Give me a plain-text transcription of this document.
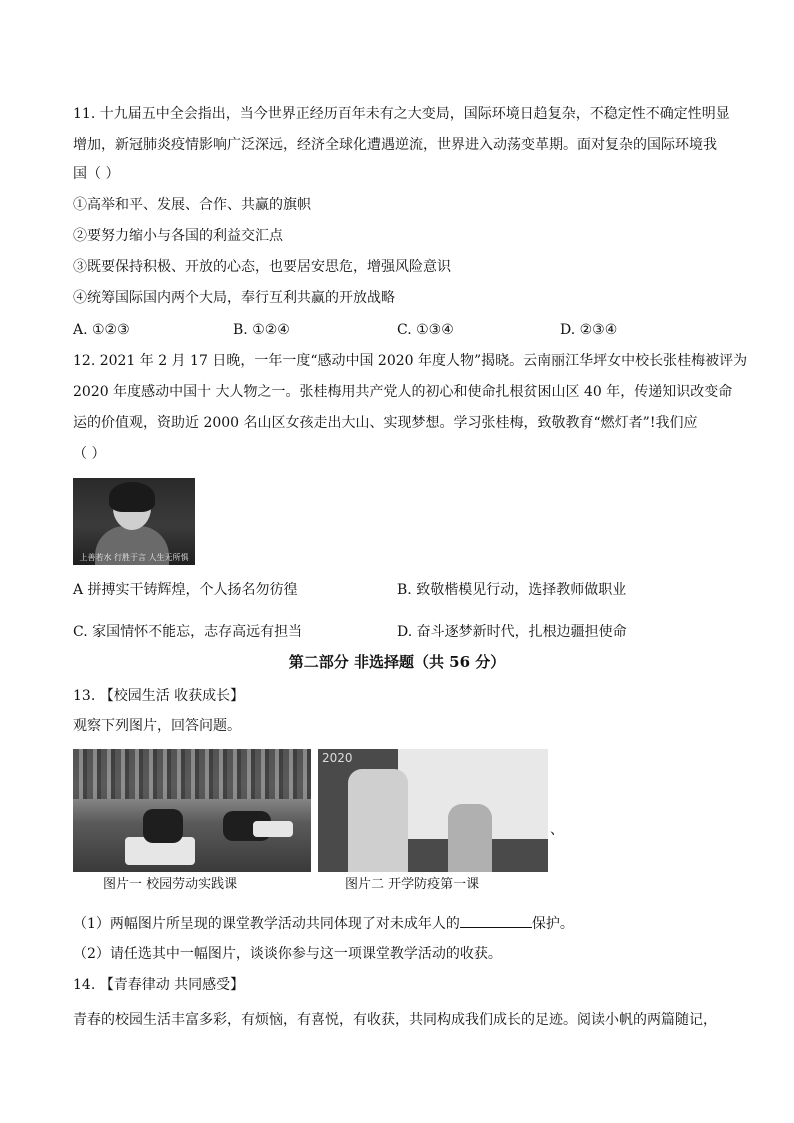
11. 十九届五中全会指出，当今世界正经历百年未有之大变局，国际环境日趋复杂，不稳定性不确定性明显
增加，新冠肺炎疫情影响广泛深远，经济全球化遭遇逆流，世界进入动荡变革期。面对复杂的国际环境我
国（ ）
①高举和平、发展、合作、共赢的旗帜
②要努力缩小与各国的利益交汇点
③既要保持积极、开放的心态，也要居安思危，增强风险意识
④统筹国际国内两个大局，奉行互利共赢的开放战略
A. ①②③	B. ①②④	C. ①③④	D. ②③④
12. 2021 年 2 月 17 日晚，一年一度“感动中国 2020 年度人物”揭晓。云南丽江华坪女中校长张桂梅被评为
2020 年度感动中国十 大人物之一。张桂梅用共产党人的初心和使命扎根贫困山区 40 年，传递知识改变命
运的价值观，资助近 2000 名山区女孩走出大山、实现梦想。学习张桂梅，致敬教育“燃灯者”!我们应
（ ）
上善若水 行胜于言 人生无所惧
A 拼搏实干铸辉煌，个人扬名勿彷徨	B. 致敬楷模见行动，选择教师做职业
C. 家国情怀不能忘，志存高远有担当	D. 奋斗逐梦新时代，扎根边疆担使命
第二部分 非选择题（共 56 分）
13. 【校园生活 收获成长】
观察下列图片，回答问题。
2020
、
图片一 校园劳动实践课	图片二 开学防疫第一课
（1）两幅图片所呈现的课堂教学活动共同体现了对未成年人的	保护。
（2）请任选其中一幅图片，谈谈你参与这一项课堂教学活动的收获。
14. 【青春律动 共同感受】
青春的校园生活丰富多彩，有烦恼，有喜悦，有收获，共同构成我们成长的足迹。阅读小帆的两篇随记，
